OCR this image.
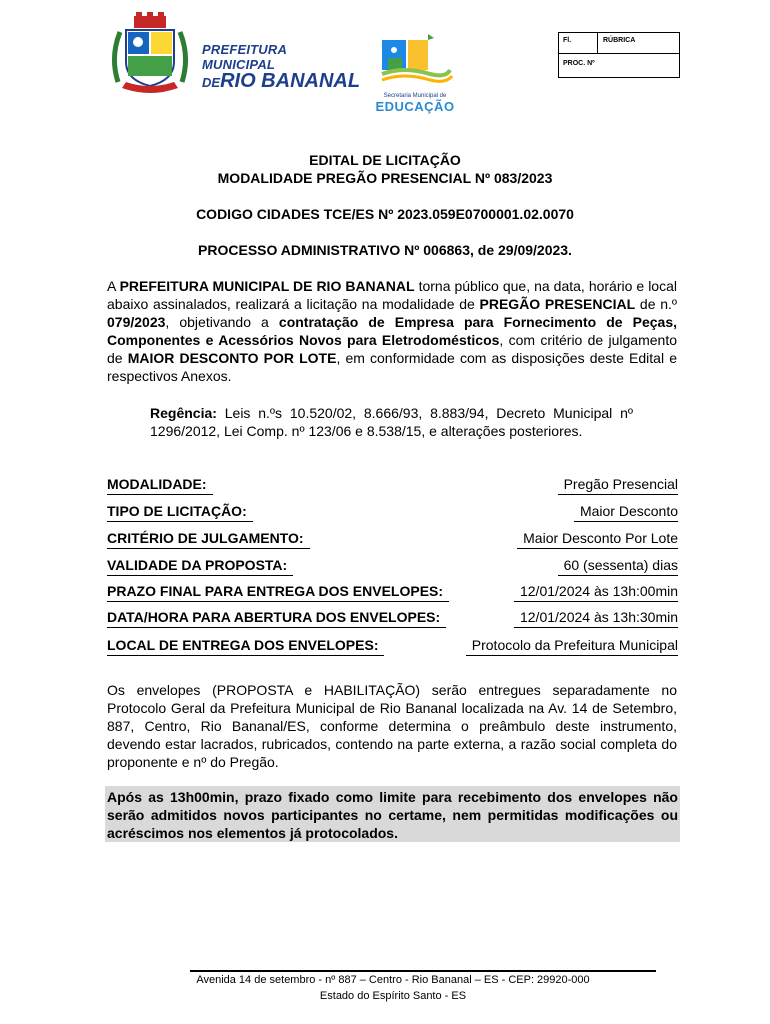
PREFEITURA MUNICIPAL
DERIO BANANAL
Secretaria Municipal de
EDUCAÇÃO
Fl.	RÚBRICA
PROC. Nº
EDITAL DE LICITAÇÃO
MODALIDADE PREGÃO PRESENCIAL Nº 083/2023
CODIGO CIDADES TCE/ES Nº 2023.059E0700001.02.0070
PROCESSO ADMINISTRATIVO Nº 006863, de 29/09/2023.
A PREFEITURA MUNICIPAL DE RIO BANANAL torna público que, na data, horário e local abaixo assinalados, realizará a licitação na modalidade de PREGÃO PRESENCIAL de n.º 079/2023, objetivando a contratação de Empresa para Fornecimento de Peças, Componentes e Acessórios Novos para Eletrodomésticos, com critério de julgamento de MAIOR DESCONTO POR LOTE, em conformidade com as disposições deste Edital e respectivos Anexos.
Regência: Leis n.ºs 10.520/02, 8.666/93, 8.883/94, Decreto Municipal nº 1296/2012, Lei Comp. nº 123/06 e 8.538/15, e alterações posteriores.
MODALIDADE:	Pregão Presencial
TIPO DE LICITAÇÃO:	Maior Desconto
CRITÉRIO DE JULGAMENTO:	Maior Desconto Por Lote
VALIDADE DA PROPOSTA:	60 (sessenta) dias
PRAZO FINAL PARA ENTREGA DOS ENVELOPES:	12/01/2024 às 13h:00min
DATA/HORA PARA ABERTURA DOS ENVELOPES:	12/01/2024 às 13h:30min
LOCAL DE ENTREGA DOS ENVELOPES:	Protocolo da Prefeitura Municipal
Os envelopes (PROPOSTA e HABILITAÇÃO) serão entregues separadamente no Protocolo Geral da Prefeitura Municipal de Rio Bananal localizada na Av. 14 de Setembro, 887, Centro, Rio Bananal/ES, conforme determina o preâmbulo deste instrumento, devendo estar lacrados, rubricados, contendo na parte externa, a razão social completa do proponente e nº do Pregão.

Após as 13h00min, prazo fixado como limite para recebimento dos envelopes não serão admitidos novos participantes no certame, nem permitidas modificações ou acréscimos nos elementos já protocolados.

Avenida 14 de setembro - nº 887 – Centro - Rio Bananal – ES - CEP: 29920-000
Estado do Espírito Santo - ES
